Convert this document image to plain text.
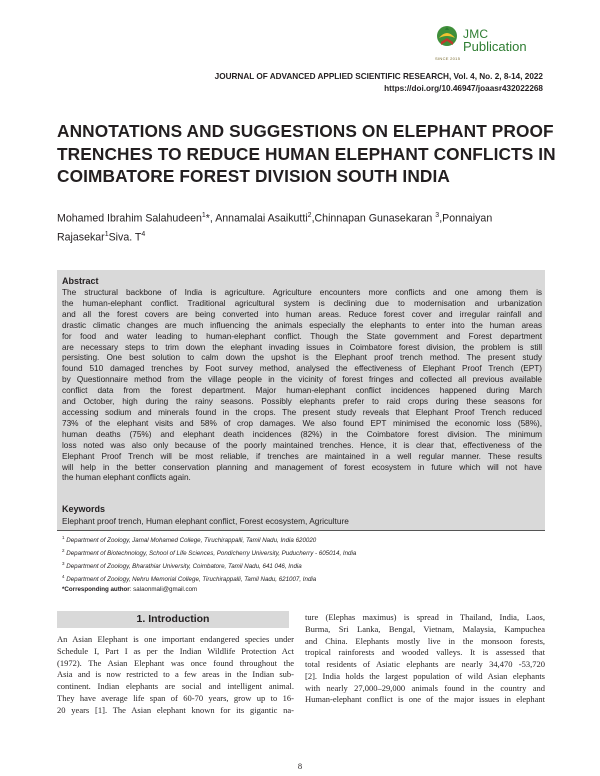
JMC
Publication
SINCE 2015
JOURNAL OF ADVANCED APPLIED SCIENTIFIC RESEARCH, Vol. 4, No. 2, 8-14, 2022
https://doi.org/10.46947/joaasr432022268
ANNOTATIONS AND SUGGESTIONS ON ELEPHANT PROOF TRENCHES TO REDUCE HUMAN ELEPHANT CONFLICTS IN COIMBATORE FOREST DIVISION SOUTH INDIA
Mohamed Ibrahim Salahudeen$^1$*, Annamalai Asaikutti$^2$,Chinnapan Gunasekaran $^3$,Ponnaiyan Rajasekar$^1$Siva. $T^4$
Abstract
The structural backbone of India is agriculture. Agriculture encounters more conflicts and one among them is
the human-elephant conflict. Traditional agricultural system is declining due to modernisation and urbanization
and all the forest covers are being converted into human areas. Reduce forest cover and irregular rainfall and
drastic climatic changes are much influencing the animals especially the elephants to enter into the human areas
for food and water leading to human-elephant conflict. Though the State government and Forest department
are necessary steps to trim down the elephant invading issues in Coimbatore forest division, the problem is still
persisting. One best solution to calm down the upshot is the Elephant proof trench method. The present study
found 510 damaged trenches by Foot survey method, analysed the effectiveness of Elephant Proof Trench (EPT)
by Questionnaire method from the village people in the vicinity of forest fringes and collected all previous available
conflict data from the forest department. Major human-elephant conflict incidences happened during March
and October, high during the rainy seasons. Possibly elephants prefer to raid crops during these seasons for
accessing sodium and minerals found in the crops. The present study reveals that Elephant Proof Trench reduced
73% of the elephant visits and 58% of crop damages. We also found EPT minimised the economic loss (58%),
human deaths (75%) and elephant death incidences (82%) in the Coimbatore forest division. The minimum
loss noted was also only because of the poorly maintained trenches. Hence, it is clear that, effectiveness of the
Elephant Proof Trench will be most reliable, if trenches are maintained in a well regular manner. These results
will help in the better conservation planning and management of forest ecosystem in future which will not have
the human elephant conflicts again.
Keywords
Elephant proof trench, Human elephant conflict, Forest ecosystem, Agriculture
$^1$ Department of Zoology, Jamal Mohamed College, Tiruchirappalli, Tamil Nadu, India 620020
$^2$ Department of Biotechnology, School of Life Sciences, Pondicherry University, Puducherry - 605014, India
$^3$ Department of Zoology, Bharathiar University, Coimbatore, Tamil Nadu, 641 046, India
$^4$ Department of Zoology, Nehru Memorial College, Tiruchirappalli, Tamil Nadu, 621007, India
*Corresponding author: salaonmali@gmail.com
1. Introduction
An Asian Elephant is one important endangered species under
Schedule I, Part I as per the Indian Wildlife Protection Act
(1972). The Asian Elephant was once found throughout the
Asia and is now restricted to a few areas in the Indian sub-
continent. Indian elephants are social and intelligent animal.
They have average life span of 60-70 years, grow up to 16-
20 years [1]. The Asian elephant known for its gigantic na-
ture (Elephas maximus) is spread in Thailand, India, Laos,
Burma, Sri Lanka, Bengal, Vietnam, Malaysia, Kampuchea
and China. Elephants mostly live in the monsoon forests,
tropical rainforests and wooded valleys. It is assessed that
total residents of Asiatic elephants are nearly 34,470 -53,720
[2]. India holds the largest population of wild Asian elephants
with nearly 27,000–29,000 animals found in the country and
Human-elephant conflict is one of the major issues in elephant
8
